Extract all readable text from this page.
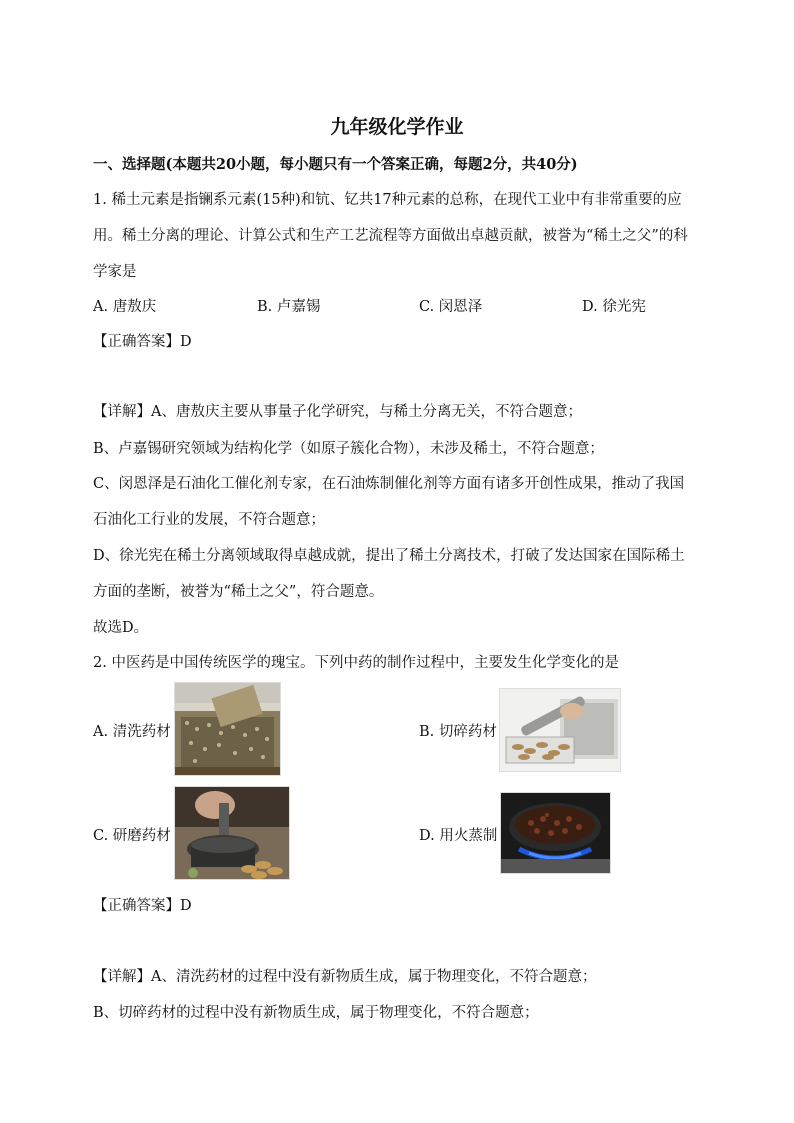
九年级化学作业
一、选择题(本题共20小题，每小题只有一个答案正确，每题2分，共40分)
1. 稀土元素是指镧系元素(15种)和钪、钇共17种元素的总称，在现代工业中有非常重要的应
用。稀土分离的理论、计算公式和生产工艺流程等方面做出卓越贡献，被誉为“稀土之父”的科
学家是
A. 唐敖庆	B. 卢嘉锡	C. 闵恩泽	D. 徐光宪
【正确答案】D
【详解】A、唐敖庆主要从事量子化学研究，与稀土分离无关，不符合题意；
B、卢嘉锡研究领域为结构化学（如原子簇化合物），未涉及稀土，不符合题意；
C、闵恩泽是石油化工催化剂专家，在石油炼制催化剂等方面有诸多开创性成果，推动了我国
石油化工行业的发展，不符合题意；
D、徐光宪在稀土分离领域取得卓越成就，提出了稀土分离技术，打破了发达国家在国际稀土
方面的垄断，被誉为“稀土之父”，符合题意。
故选D。
2. 中医药是中国传统医学的瑰宝。下列中药的制作过程中，主要发生化学变化的是
A. 清洗药材	B. 切碎药材
C. 研磨药材	D. 用火蒸制
【正确答案】D
【详解】A、清洗药材的过程中没有新物质生成，属于物理变化，不符合题意；
B、切碎药材的过程中没有新物质生成，属于物理变化，不符合题意；
